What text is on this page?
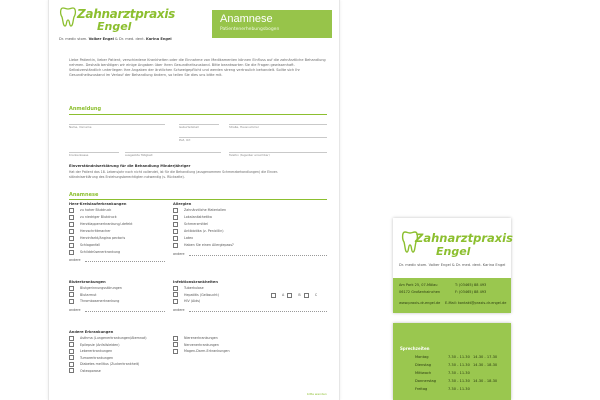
Zahnarztpraxis
Engel
Dr. medic stom. Volker Engel & Dr. med. dent. Karina Engel
Anamnese
Patientenerhebungsbogen
Liebe Patientin, lieber Patient, verschiedene Krankheiten oder die Einnahme von Medikamenten können Einfluss auf die zahnärztliche Behandlung nehmen. Deshalb benötigen wir einige Angaben über Ihren Gesundheitszustand. Bitte beantworten Sie die Fragen gewissenhaft. Selbstverständlich unterliegen Ihre Angaben der ärztlichen Schweigepflicht und werden streng vertraulich behandelt. Sollte sich Ihr Gesundheitszustand im Verlauf der Behandlung ändern, so teilen Sie dies uns bitte mit.
Anmeldung
Name, Vorname	Geburtsdatum	Straße, Hausnummer
PLZ, Ort
Krankenkasse	ausgeübte Tätigkeit	Telefon (tagsüber erreichbar)
Einverständniserklärung für die Behandlung Minderjähriger
Hat der Patient das 18. Lebensjahr noch nicht vollendet, ist für die Behandlung (ausgenommen Schmerzbehandlungen) die Einver-
ständniserklärung des Erziehungsberechtigten notwendig (s. Rückseite).
Anamnese
Herz-Kreislauferkrankungen
zu hoher Blutdruck
zu niedriger Blutdruck
Herzklappenerkrankung/-defekt
Herzschrittmacher
Herzinfarkt/Angina pectoris
Schlaganfall
Schilddrüsenerkrankung
Allergien
Zahnärztliche Materialien
Lokalanästhetika
Schmerzmittel
Antibiotika (z. Penicillin)
Latex
Haben Sie einen Allergiepass?
andere
andere
Bluterkrankungen
Blutgerinnungsstörungen
Blutarmut
Thrombosenerkrankung
andere
Infektionskrankheiten
Tuberkulose
Hepatitis (Gelbsucht)
HIV (Aids)
A	B	C
andere
Andere Erkrankungen
Asthma (Lungenerkrankungen/Atemnot)
Epilepsie (Anfallsleiden)
Lebererkrankungen
Tumorerkrankungen
Diabetes mellitus (Zuckerkrankheit)
Osteoporose
Nierenerkrankungen
Nervenerkrankungen
Magen-Darm-Erkrankungen
bitte wenden
Zahnarztpraxis
Engel
Dr. medic stom. Volker Engel & Dr. med. dent. Karina Engel
Am Park 25, 07-Mölau
06172 Großenhainchen
T: (03465) 88 493
F: (03465) 88 493
www.praxis-dr-engel.de E-Mail: kontakt@praxis-dr-engel.de
Sprechzeiten
Montag	7.30 - 11.30 14.30 - 17.30
Dienstag	7.30 - 11.30 14.30 - 18.30
Mittwoch	7.30 - 11.30
Donnerstag	7.30 - 11.30 14.30 - 18.30
Freitag	7.30 - 11.30
